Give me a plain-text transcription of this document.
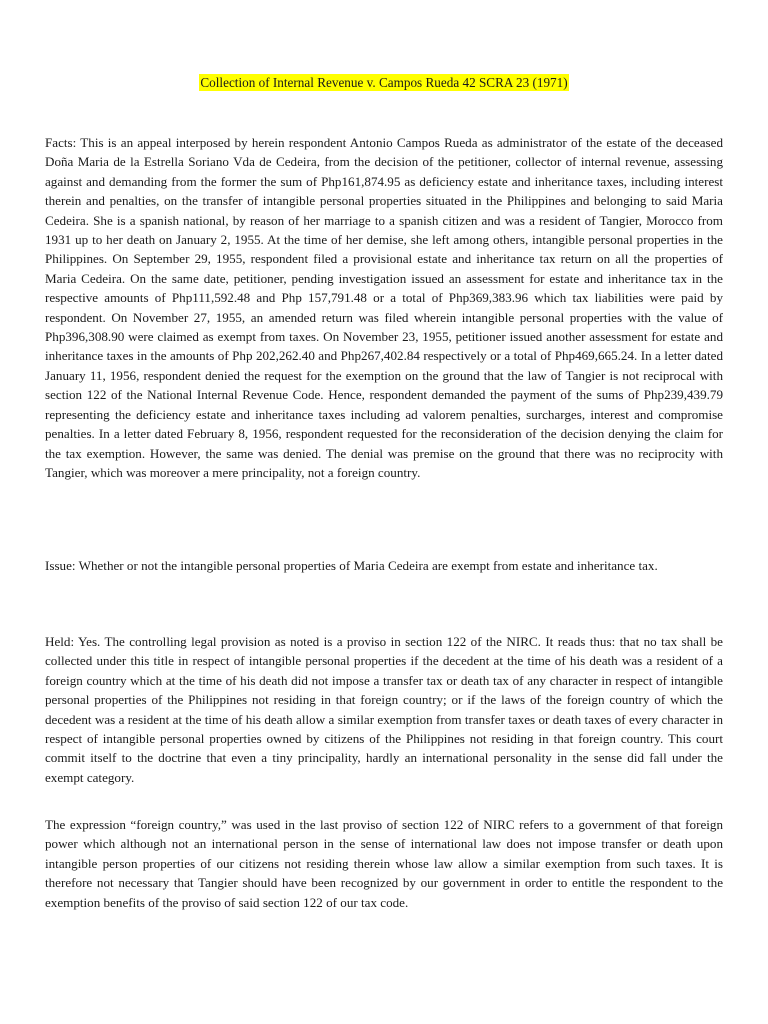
Collection of Internal Revenue v. Campos Rueda 42 SCRA 23 (1971)

Facts: This is an appeal interposed by herein respondent Antonio Campos Rueda as administrator of the estate of the deceased Doña Maria de la Estrella Soriano Vda de Cedeira, from the decision of the petitioner, collector of internal revenue, assessing against and demanding from the former the sum of Php161,874.95 as deficiency estate and inheritance taxes, including interest therein and penalties, on the transfer of intangible personal properties situated in the Philippines and belonging to said Maria Cedeira. She is a spanish national, by reason of her marriage to a spanish citizen and was a resident of Tangier, Morocco from 1931 up to her death on January 2, 1955. At the time of her demise, she left among others, intangible personal properties in the Philippines. On September 29, 1955, respondent filed a provisional estate and inheritance tax return on all the properties of Maria Cedeira. On the same date, petitioner, pending investigation issued an assessment for estate and inheritance tax in the respective amounts of Php111,592.48 and Php 157,791.48 or a total of Php369,383.96 which tax liabilities were paid by respondent. On November 27, 1955, an amended return was filed wherein intangible personal properties with the value of Php396,308.90 were claimed as exempt from taxes. On November 23, 1955, petitioner issued another assessment for estate and inheritance taxes in the amounts of Php 202,262.40 and Php267,402.84 respectively or a total of Php469,665.24. In a letter dated January 11, 1956, respondent denied the request for the exemption on the ground that the law of Tangier is not reciprocal with section 122 of the National Internal Revenue Code. Hence, respondent demanded the payment of the sums of Php239,439.79 representing the deficiency estate and inheritance taxes including ad valorem penalties, surcharges, interest and compromise penalties. In a letter dated February 8, 1956, respondent requested for the reconsideration of the decision denying the claim for the tax exemption. However, the same was denied. The denial was premise on the ground that there was no reciprocity with Tangier, which was moreover a mere principality, not a foreign country.

Issue: Whether or not the intangible personal properties of Maria Cedeira are exempt from estate and inheritance tax.

Held: Yes. The controlling legal provision as noted is a proviso in section 122 of the NIRC. It reads thus: that no tax shall be collected under this title in respect of intangible personal properties if the decedent at the time of his death was a resident of a foreign country which at the time of his death did not impose a transfer tax or death tax of any character in respect of intangible personal properties of the Philippines not residing in that foreign country; or if the laws of the foreign country of which the decedent was a resident at the time of his death allow a similar exemption from transfer taxes or death taxes of every character in respect of intangible personal properties owned by citizens of the Philippines not residing in that foreign country. This court commit itself to the doctrine that even a tiny principality, hardly an international personality in the sense did fall under the exempt category.

The expression “foreign country,” was used in the last proviso of section 122 of NIRC refers to a government of that foreign power which although not an international person in the sense of international law does not impose transfer or death upon intangible person properties of our citizens not residing therein whose law allow a similar exemption from such taxes. It is therefore not necessary that Tangier should have been recognized by our government in order to entitle the respondent to the exemption benefits of the proviso of said section 122 of our tax code.
